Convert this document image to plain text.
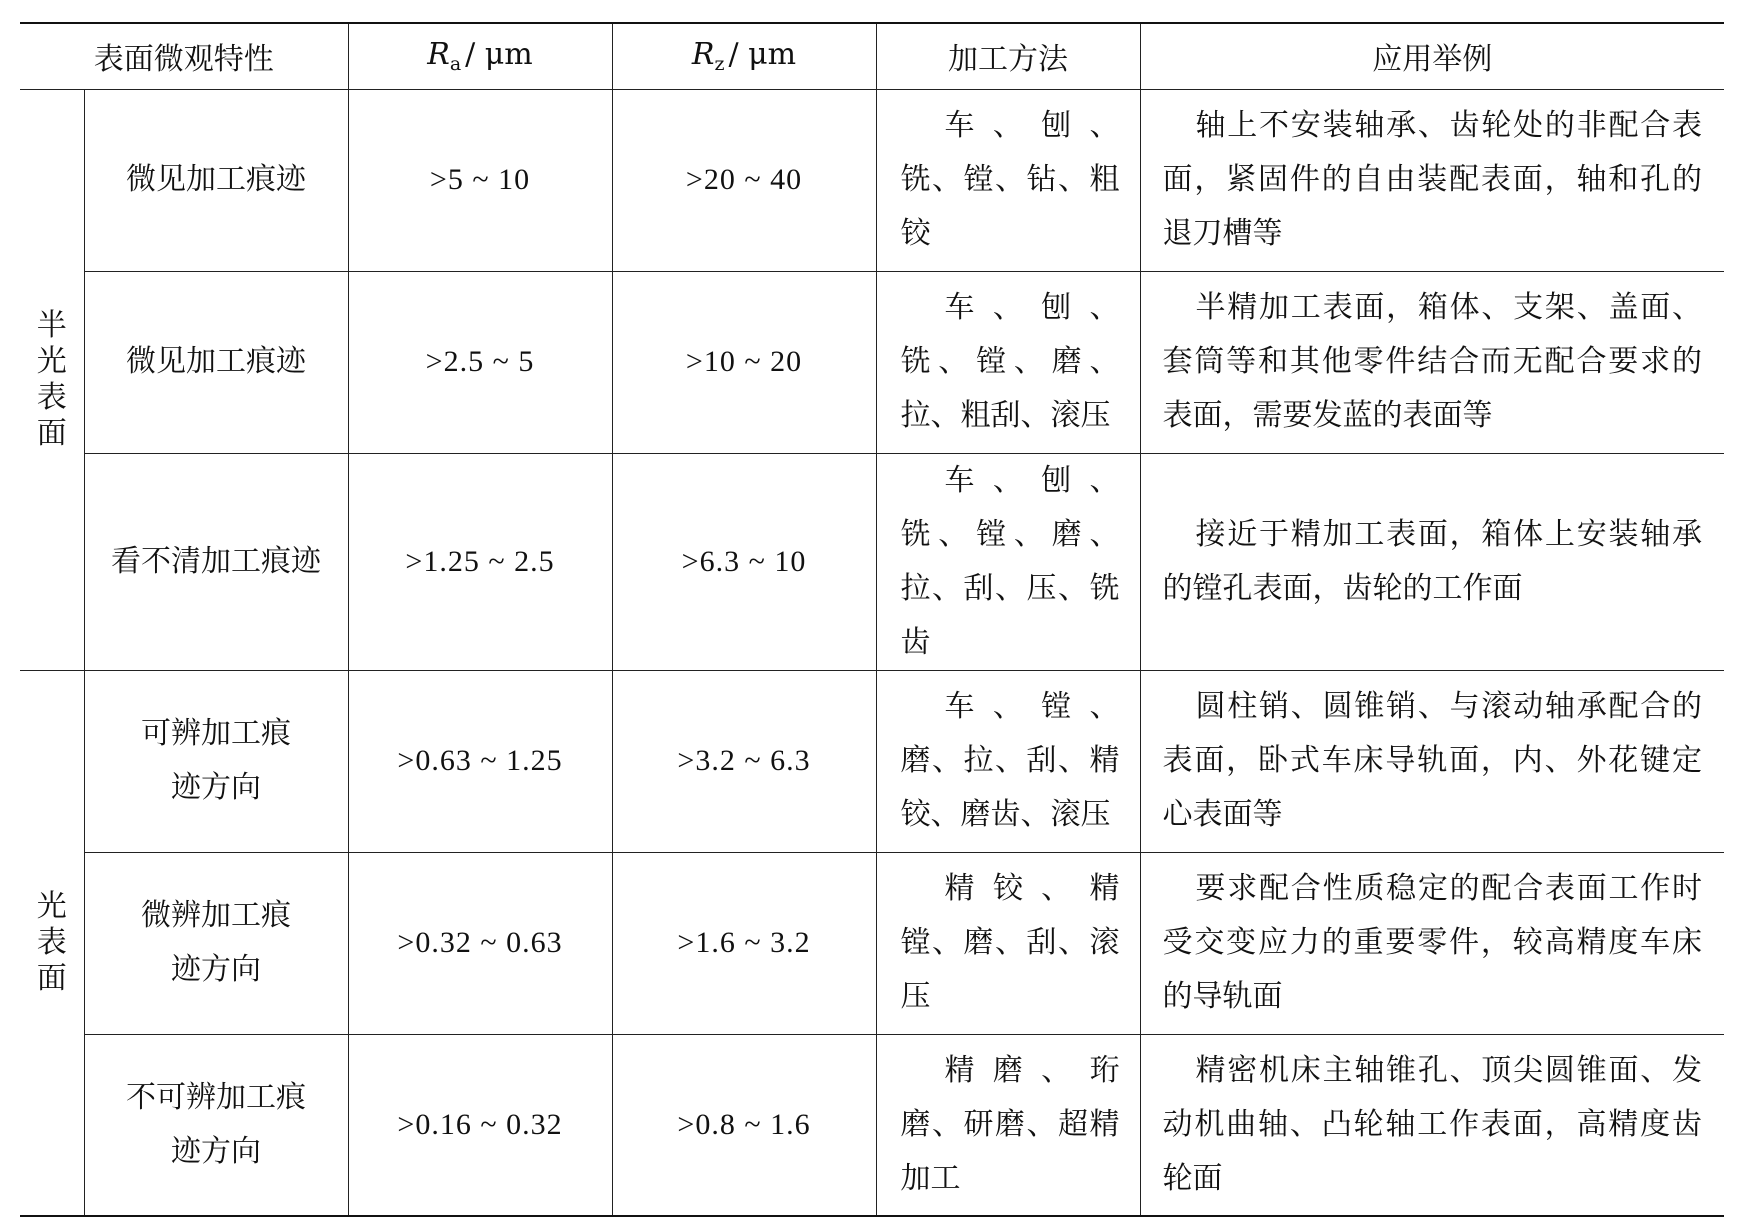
表面微观特性		$R_a$ / μm	$R_z$ / μm	加工方法	应用举例
半光表面	微见加工痕迹	>5 ~ 10	>20 ~ 40	车、刨、铣、镗、钻、粗铰	轴上不安装轴承、齿轮处的非配合表面，紧固件的自由装配表面，轴和孔的退刀槽等
	微见加工痕迹	>2.5 ~ 5	>10 ~ 20	车、刨、铣、镗、磨、拉、粗刮、滚压	半精加工表面，箱体、支架、盖面、套筒等和其他零件结合而无配合要求的表面，需要发蓝的表面等
	看不清加工痕迹	>1.25 ~ 2.5	>6.3 ~ 10	车、刨、铣、镗、磨、拉、刮、压、铣齿	接近于精加工表面，箱体上安装轴承的镗孔表面，齿轮的工作面
光表面	可辨加工痕迹方向	>0.63 ~ 1.25	>3.2 ~ 6.3	车、镗、磨、拉、刮、精铰、磨齿、滚压	圆柱销、圆锥销、与滚动轴承配合的表面，卧式车床导轨面，内、外花键定心表面等
	微辨加工痕迹方向	>0.32 ~ 0.63	>1.6 ~ 3.2	精铰、精镗、磨、刮、滚压	要求配合性质稳定的配合表面工作时受交变应力的重要零件，较高精度车床的导轨面
	不可辨加工痕迹方向	>0.16 ~ 0.32	>0.8 ~ 1.6	精磨、珩磨、研磨、超精加工	精密机床主轴锥孔、顶尖圆锥面、发动机曲轴、凸轮轴工作表面，高精度齿轮面
